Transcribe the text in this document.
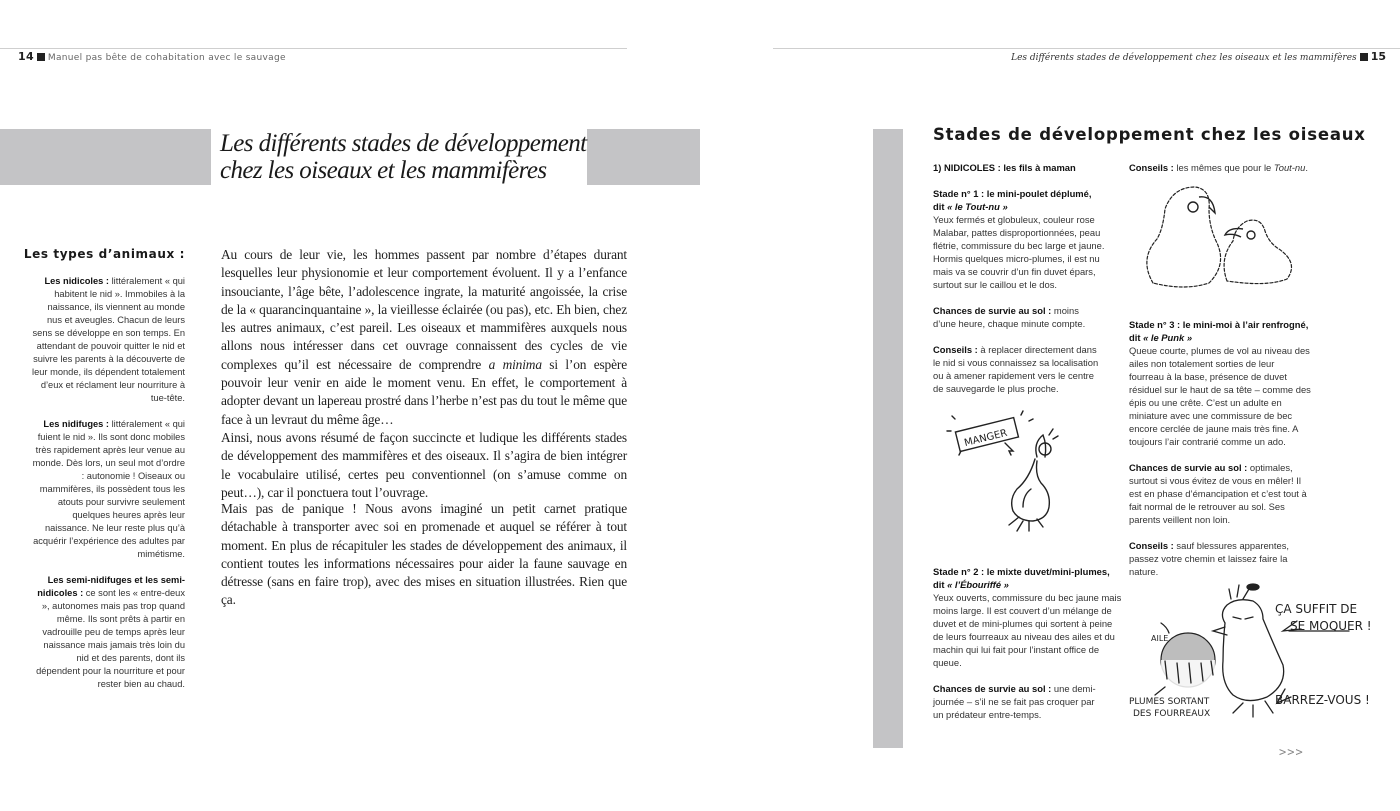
14 Manuel pas bête de cohabitation avec le sauvage
Les différents stades de développement
chez les oiseaux et les mammifères
Les types d’animaux :
Les nidicoles : littéralement « qui habitent le nid ». Immobiles à la naissance, ils viennent au monde nus et aveugles. Chacun de leurs sens se développe en son temps. En attendant de pouvoir quitter le nid et suivre les parents à la découverte de leur monde, ils dépendent totalement d’eux et réclament leur nourriture à tue-tête.
Les nidifuges : littéralement « qui fuient le nid ». Ils sont donc mobiles très rapidement après leur venue au monde. Dès lors, un seul mot d’ordre : autonomie ! Oiseaux ou mammifères, ils possèdent tous les atouts pour survivre seulement quelques heures après leur naissance. Ne leur reste plus qu’à acquérir l’expérience des adultes par mimétisme.
Les semi-nidifuges et les semi-nidicoles : ce sont les « entre-deux », autonomes mais pas trop quand même. Ils sont prêts à partir en vadrouille peu de temps après leur naissance mais jamais très loin du nid et des parents, dont ils dépendent pour la nourriture et pour rester bien au chaud.
Au cours de leur vie, les hommes passent par nombre d’étapes durant lesquelles leur physionomie et leur comportement évoluent. Il y a l’enfance insouciante, l’âge bête, l’adolescence ingrate, la maturité angoissée, la crise de la « quarancinquantaine », la vieillesse éclairée (ou pas), etc. Eh bien, chez les autres animaux, c’est pareil. Les oiseaux et mammifères auxquels nous allons nous intéresser dans cet ouvrage connaissent des cycles de vie complexes qu’il est nécessaire de comprendre a minima si l’on espère pouvoir leur venir en aide le moment venu. En effet, le comportement à adopter devant un lapereau prostré dans l’herbe n’est pas du tout le même que face à un levraut du même âge…
Ainsi, nous avons résumé de façon succincte et ludique les différents stades de développement des mammifères et des oiseaux. Il s’agira de bien intégrer le vocabulaire utilisé, certes peu conventionnel (on s’amuse comme on peut…), car il ponctuera tout l’ouvrage.
Mais pas de panique ! Nous avons imaginé un petit carnet pratique détachable à transporter avec soi en promenade et auquel se référer à tout moment. En plus de récapituler les stades de développement des animaux, il contient toutes les informations nécessaires pour aider la faune sauvage en détresse (sans en faire trop), avec des mises en situation illustrées. Rien que ça.
Les différents stades de développement chez les oiseaux et les mammifères 15
Stades de développement chez les oiseaux
1) NIDICOLES : les fils à maman
Stade n° 1 : le mini-poulet déplumé,
dit « le Tout-nu »
Yeux fermés et globuleux, couleur rose Malabar, pattes disproportionnées, peau flétrie, commissure du bec large et jaune. Hormis quelques micro-plumes, il est nu mais va se couvrir d’un fin duvet épars, surtout sur le caillou et le dos.
Chances de survie au sol : moins d’une heure, chaque minute compte.
Conseils : à replacer directement dans le nid si vous connaissez sa localisation ou à amener rapidement vers le centre de sauvegarde le plus proche.
MANGER
Stade n° 2 : le mixte duvet/mini-plumes,
dit « l’Ébouriffé »
Yeux ouverts, commissure du bec jaune mais moins large. Il est couvert d’un mélange de duvet et de mini-plumes qui sortent à peine de leurs fourreaux au niveau des ailes et du machin qui lui fait pour l’instant office de queue.
Chances de survie au sol : une demi-journée – s’il ne se fait pas croquer par un prédateur entre-temps.
Conseils : les mêmes que pour le Tout-nu.
Stade n° 3 : le mini-moi à l’air renfrogné,
dit « le Punk »
Queue courte, plumes de vol au niveau des ailes non totalement sorties de leur fourreau à la base, présence de duvet résiduel sur le haut de sa tête – comme des épis ou une crête. C’est un adulte en miniature avec une commissure de bec encore cerclée de jaune mais très fine. A toujours l’air contrarié comme un ado.
Chances de survie au sol : optimales, surtout si vous évitez de vous en mêler! Il est en phase d’émancipation et c’est tout à fait normal de le retrouver au sol. Ses parents veillent non loin.
Conseils : sauf blessures apparentes, passez votre chemin et laissez faire la nature.
ÇA SUFFIT DE
SE MOQUER !
BARREZ-VOUS !
AILE
PLUMES SORTANT
DES FOURREAUX
>>>
